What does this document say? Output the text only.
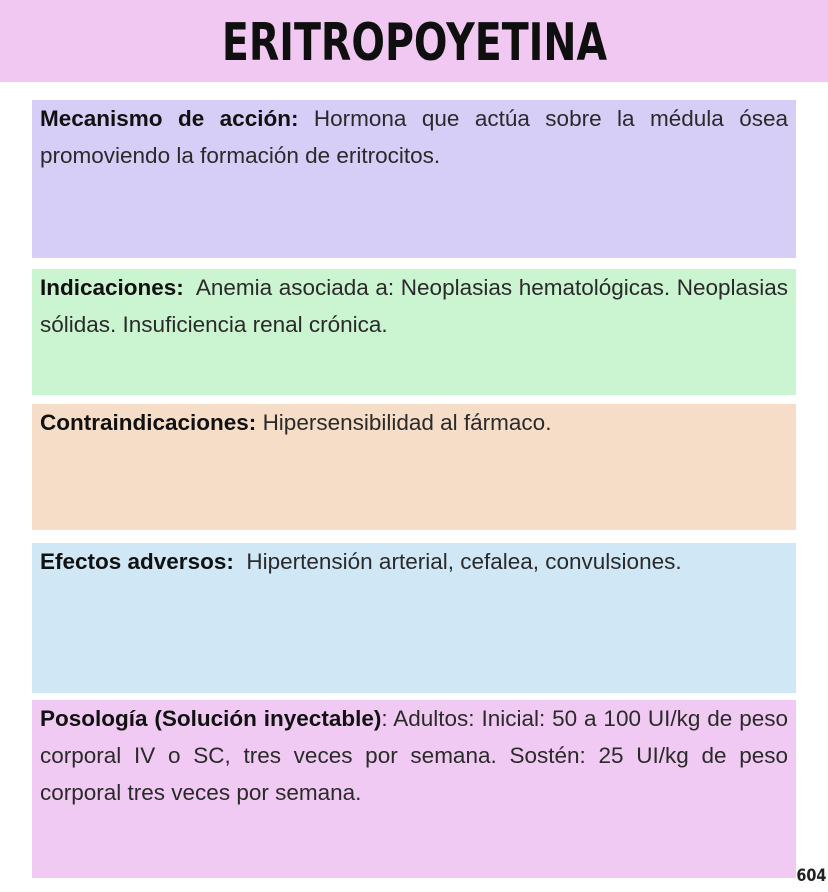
ERITROPOYETINA
Mecanismo de acción: Hormona que actúa sobre la médula ósea promoviendo la formación de eritrocitos.
Indicaciones: Anemia asociada a: Neoplasias hematológicas. Neoplasias sólidas. Insuficiencia renal crónica.
Contraindicaciones: Hipersensibilidad al fármaco.
Efectos adversos: Hipertensión arterial, cefalea, convulsiones.
Posología (Solución inyectable): Adultos: Inicial: 50 a 100 UI/kg de peso corporal IV o SC, tres veces por semana. Sostén: 25 UI/kg de peso corporal tres veces por semana.
604
